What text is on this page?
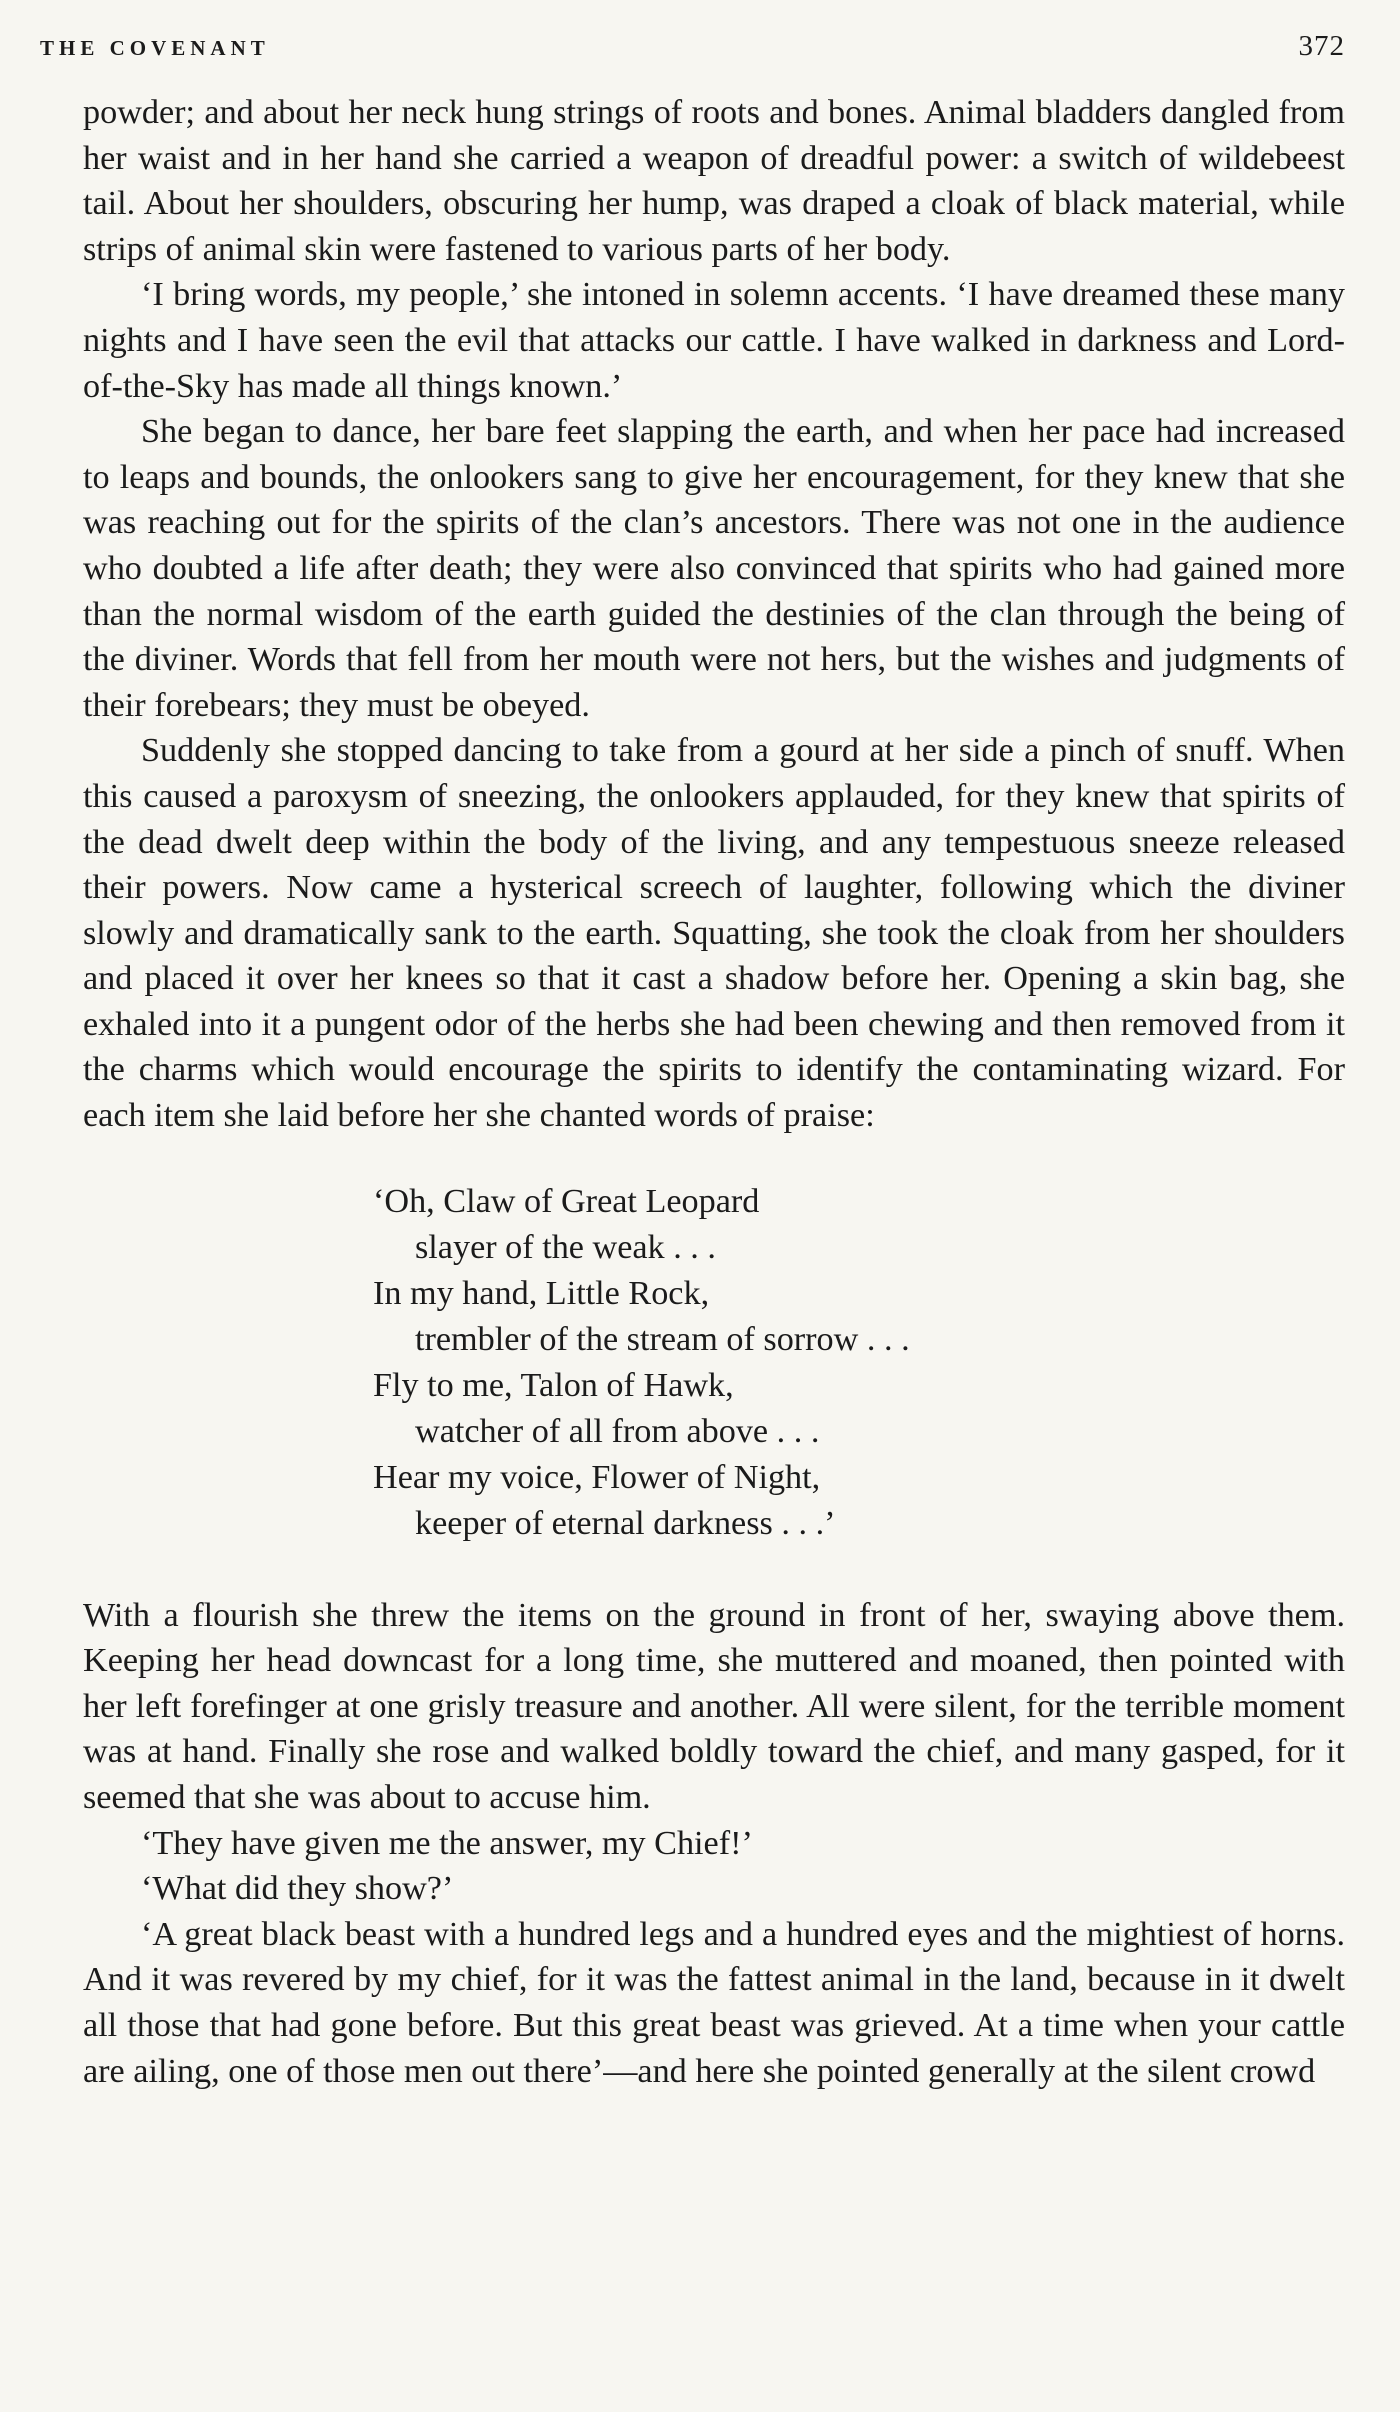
THE COVENANT	372

powder; and about her neck hung strings of roots and bones. Animal bladders dangled from her waist and in her hand she carried a weapon of dreadful power: a switch of wildebeest tail. About her shoulders, obscuring her hump, was draped a cloak of black material, while strips of animal skin were fastened to various parts of her body.

‘I bring words, my people,’ she intoned in solemn accents. ‘I have dreamed these many nights and I have seen the evil that attacks our cattle. I have walked in darkness and Lord-of-the-Sky has made all things known.’

She began to dance, her bare feet slapping the earth, and when her pace had increased to leaps and bounds, the onlookers sang to give her encouragement, for they knew that she was reaching out for the spirits of the clan’s ancestors. There was not one in the audience who doubted a life after death; they were also convinced that spirits who had gained more than the normal wisdom of the earth guided the destinies of the clan through the being of the diviner. Words that fell from her mouth were not hers, but the wishes and judgments of their forebears; they must be obeyed.

Suddenly she stopped dancing to take from a gourd at her side a pinch of snuff. When this caused a paroxysm of sneezing, the onlookers applauded, for they knew that spirits of the dead dwelt deep within the body of the living, and any tempestuous sneeze released their powers. Now came a hysterical screech of laughter, following which the diviner slowly and dramatically sank to the earth. Squatting, she took the cloak from her shoulders and placed it over her knees so that it cast a shadow before her. Opening a skin bag, she exhaled into it a pungent odor of the herbs she had been chewing and then removed from it the charms which would encourage the spirits to identify the contaminating wizard. For each item she laid before her she chanted words of praise:

‘Oh, Claw of Great Leopard
slayer of the weak . . .
In my hand, Little Rock,
trembler of the stream of sorrow . . .
Fly to me, Talon of Hawk,
watcher of all from above . . .
Hear my voice, Flower of Night,
keeper of eternal darkness . . .’

With a flourish she threw the items on the ground in front of her, swaying above them. Keeping her head downcast for a long time, she muttered and moaned, then pointed with her left forefinger at one grisly treasure and another. All were silent, for the terrible moment was at hand. Finally she rose and walked boldly toward the chief, and many gasped, for it seemed that she was about to accuse him.

‘They have given me the answer, my Chief!’

‘What did they show?’

‘A great black beast with a hundred legs and a hundred eyes and the mightiest of horns. And it was revered by my chief, for it was the fattest animal in the land, because in it dwelt all those that had gone before. But this great beast was grieved. At a time when your cattle are ailing, one of those men out there’—and here she pointed generally at the silent crowd
